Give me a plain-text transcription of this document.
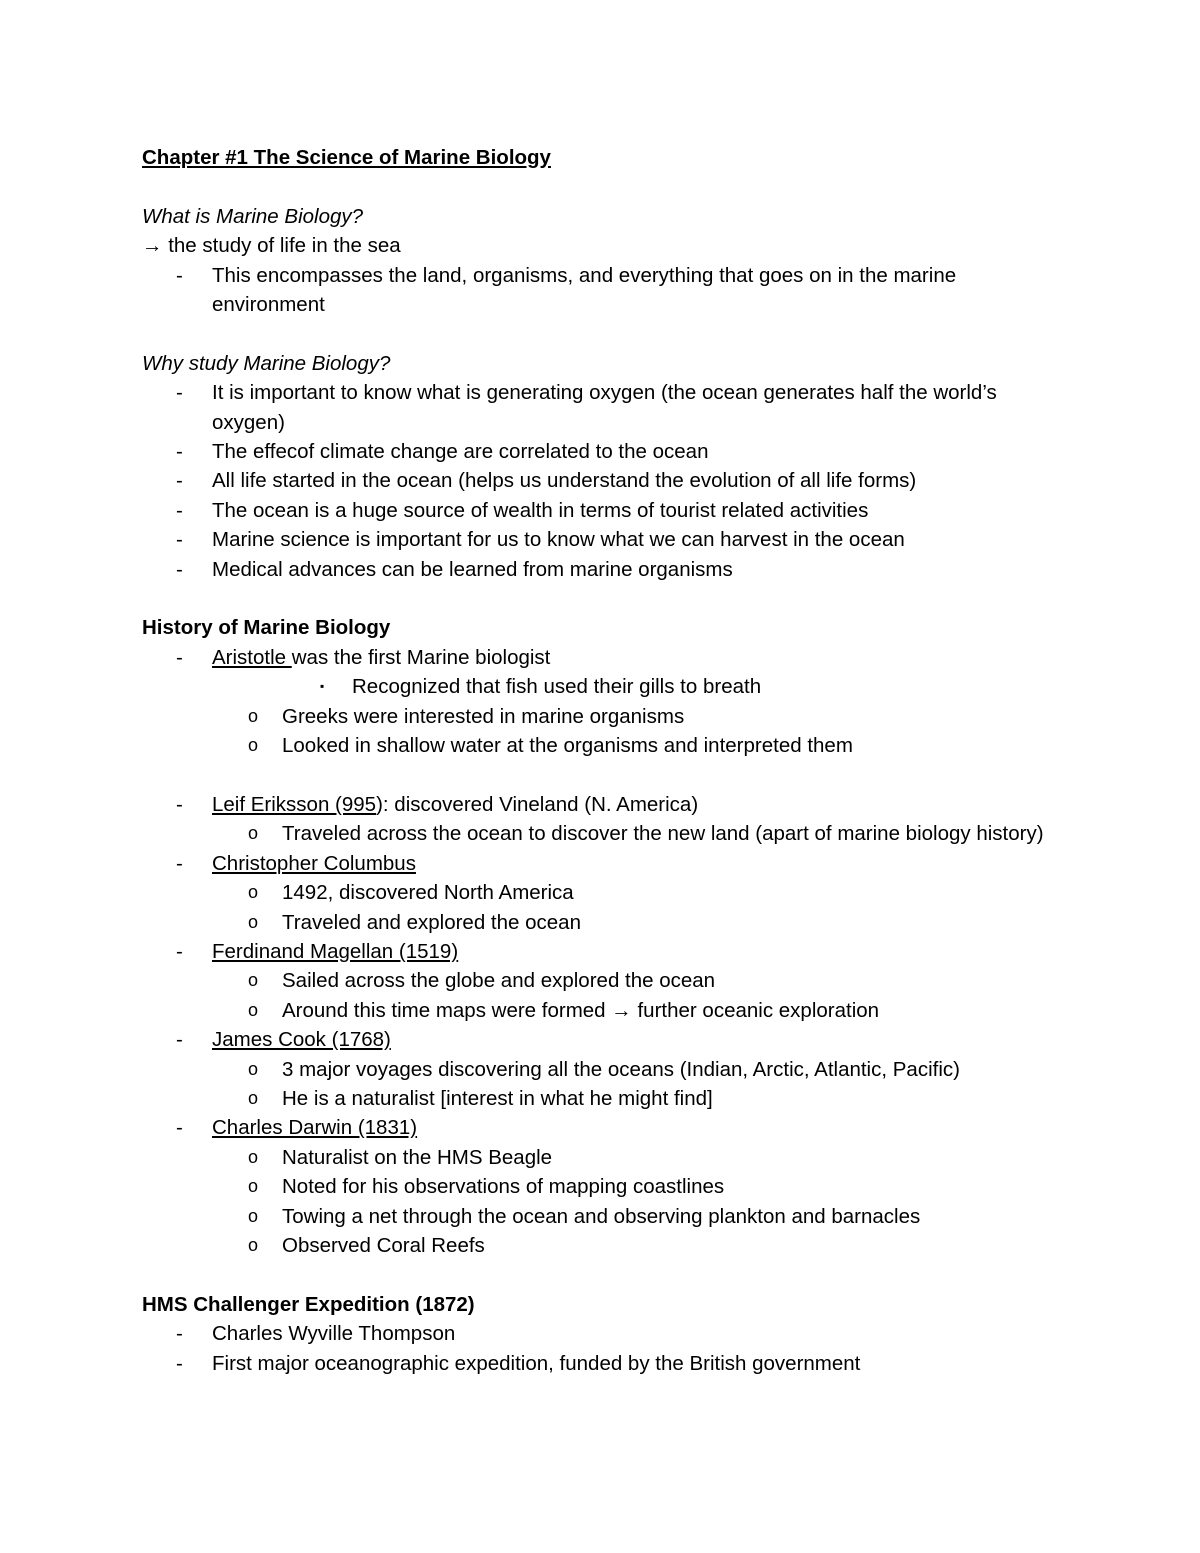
Chapter #1 The Science of Marine Biology
What is Marine Biology?
→ the study of life in the sea
- This encompasses the land, organisms, and everything that goes on in the marine environment
Why study Marine Biology?
- It is important to know what is generating oxygen (the ocean generates half the world’s oxygen)
- The effecof climate change are correlated to the ocean
- All life started in the ocean (helps us understand the evolution of all life forms)
- The ocean is a huge source of wealth in terms of tourist related activities
- Marine science is important for us to know what we can harvest in the ocean
- Medical advances can be learned from marine organisms
History of Marine Biology
- Aristotle was the first Marine biologist
▪ Recognized that fish used their gills to breath
o Greeks were interested in marine organisms
o Looked in shallow water at the organisms and interpreted them
- Leif Eriksson (995): discovered Vineland (N. America)
o Traveled across the ocean to discover the new land (apart of marine biology history)
- Christopher Columbus
o 1492, discovered North America
o Traveled and explored the ocean
- Ferdinand Magellan (1519)
o Sailed across the globe and explored the ocean
o Around this time maps were formed → further oceanic exploration
- James Cook (1768)
o 3 major voyages discovering all the oceans (Indian, Arctic, Atlantic, Pacific)
o He is a naturalist [interest in what he might find]
- Charles Darwin (1831)
o Naturalist on the HMS Beagle
o Noted for his observations of mapping coastlines
o Towing a net through the ocean and observing plankton and barnacles
o Observed Coral Reefs
HMS Challenger Expedition (1872)
- Charles Wyville Thompson
- First major oceanographic expedition, funded by the British government
